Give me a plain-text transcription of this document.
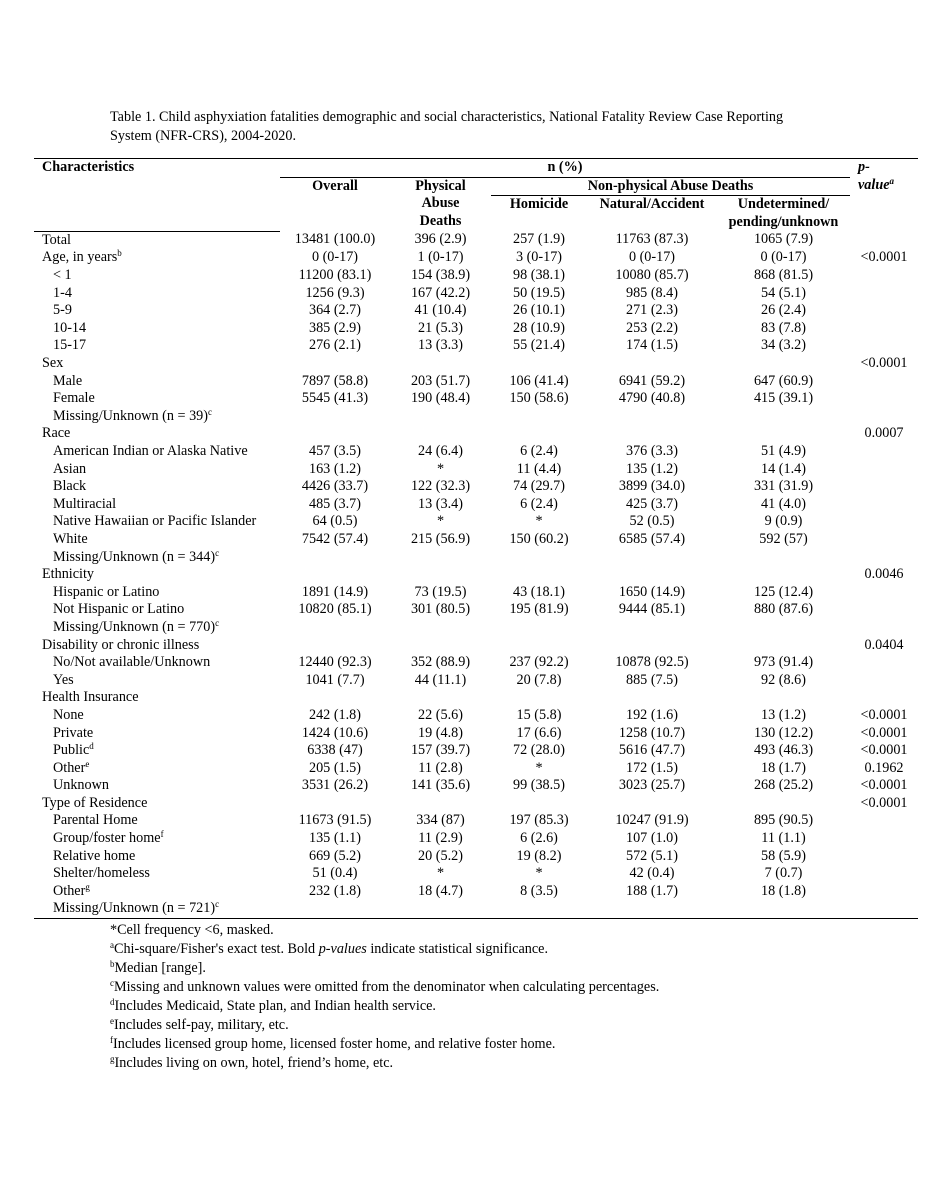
Table 1. Child asphyxiation fatalities demographic and social characteristics, National Fatality Review Case Reporting System (NFR-CRS), 2004-2020.
Characteristics	n (%)					p-
value$^a$
	Overall	Physical Abuse Deaths	Non-physical Abuse Deaths			
			Homicide	Natural/Accident	Undetermined/ pending/unknown	

Total	13481 (100.0)	396 (2.9)	257 (1.9)	11763 (87.3)	1065 (7.9)	
Age, in years$^b$	0 (0-17)	1 (0-17)	3 (0-17)	0 (0-17)	0 (0-17)	<0.0001
< 1	11200 (83.1)	154 (38.9)	98 (38.1)	10080 (85.7)	868 (81.5)	
1-4	1256 (9.3)	167 (42.2)	50 (19.5)	985 (8.4)	54 (5.1)	
5-9	364 (2.7)	41 (10.4)	26 (10.1)	271 (2.3)	26 (2.4)	
10-14	385 (2.9)	21 (5.3)	28 (10.9)	253 (2.2)	83 (7.8)	
15-17	276 (2.1)	13 (3.3)	55 (21.4)	174 (1.5)	34 (3.2)	
Sex						<0.0001
Male	7897 (58.8)	203 (51.7)	106 (41.4)	6941 (59.2)	647 (60.9)	
Female	5545 (41.3)	190 (48.4)	150 (58.6)	4790 (40.8)	415 (39.1)	
Missing/Unknown (n = 39)$^c$						
Race						0.0007
American Indian or Alaska Native	457 (3.5)	24 (6.4)	6 (2.4)	376 (3.3)	51 (4.9)	
Asian	163 (1.2)	*	11 (4.4)	135 (1.2)	14 (1.4)	
Black	4426 (33.7)	122 (32.3)	74 (29.7)	3899 (34.0)	331 (31.9)	
Multiracial	485 (3.7)	13 (3.4)	6 (2.4)	425 (3.7)	41 (4.0)	
Native Hawaiian or Pacific Islander	64 (0.5)	*	*	52 (0.5)	9 (0.9)	
White	7542 (57.4)	215 (56.9)	150 (60.2)	6585 (57.4)	592 (57)	
Missing/Unknown (n = 344)$^c$						
Ethnicity						0.0046
Hispanic or Latino	1891 (14.9)	73 (19.5)	43 (18.1)	1650 (14.9)	125 (12.4)	
Not Hispanic or Latino	10820 (85.1)	301 (80.5)	195 (81.9)	9444 (85.1)	880 (87.6)	
Missing/Unknown (n = 770)$^c$						
Disability or chronic illness						0.0404
No/Not available/Unknown	12440 (92.3)	352 (88.9)	237 (92.2)	10878 (92.5)	973 (91.4)	
Yes	1041 (7.7)	44 (11.1)	20 (7.8)	885 (7.5)	92 (8.6)	
Health Insurance						
None	242 (1.8)	22 (5.6)	15 (5.8)	192 (1.6)	13 (1.2)	<0.0001
Private	1424 (10.6)	19 (4.8)	17 (6.6)	1258 (10.7)	130 (12.2)	<0.0001
Public$^d$	6338 (47)	157 (39.7)	72 (28.0)	5616 (47.7)	493 (46.3)	<0.0001
Other$^e$	205 (1.5)	11 (2.8)	*	172 (1.5)	18 (1.7)	0.1962
Unknown	3531 (26.2)	141 (35.6)	99 (38.5)	3023 (25.7)	268 (25.2)	<0.0001
Type of Residence						<0.0001
Parental Home	11673 (91.5)	334 (87)	197 (85.3)	10247 (91.9)	895 (90.5)	
Group/foster home$^f$	135 (1.1)	11 (2.9)	6 (2.6)	107 (1.0)	11 (1.1)	
Relative home	669 (5.2)	20 (5.2)	19 (8.2)	572 (5.1)	58 (5.9)	
Shelter/homeless	51 (0.4)	*	*	42 (0.4)	7 (0.7)	
Other$^g$	232 (1.8)	18 (4.7)	8 (3.5)	188 (1.7)	18 (1.8)	
Missing/Unknown (n = 721)$^c$						
*Cell frequency <6, masked.
$^a$Chi-square/Fisher's exact test. Bold p-values indicate statistical significance.
$^b$Median [range].
$^c$Missing and unknown values were omitted from the denominator when calculating percentages.
$^d$Includes Medicaid, State plan, and Indian health service.
$^e$Includes self-pay, military, etc.
$^f$Includes licensed group home, licensed foster home, and relative foster home.
$^g$Includes living on own, hotel, friend’s home, etc.
